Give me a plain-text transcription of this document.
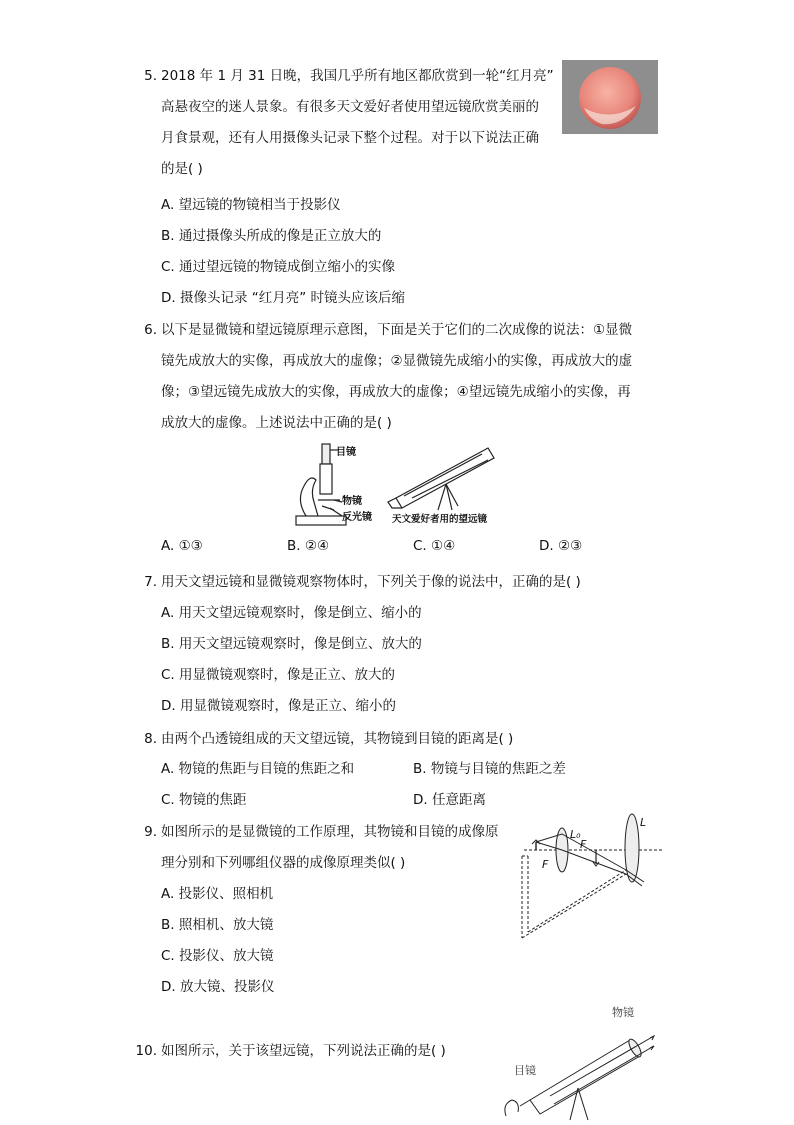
5. 2018 年 1 月 31 日晚，我国几乎所有地区都欣赏到一轮“红月亮”
高悬夜空的迷人景象。有很多天文爱好者使用望远镜欣赏美丽的
月食景观，还有人用摄像头记录下整个过程。对于以下说法正确
的是( )
A. 望远镜的物镜相当于投影仪
B. 通过摄像头所成的像是正立放大的
C. 通过望远镜的物镜成倒立缩小的实像
D. 摄像头记录 “红月亮” 时镜头应该后缩
6. 以下是显微镜和望远镜原理示意图，下面是关于它们的二次成像的说法：①显微
镜先成放大的实像，再成放大的虚像；②显微镜先成缩小的实像，再成放大的虚
像；③望远镜先成放大的实像，再成放大的虚像；④望远镜先成缩小的实像，再
成放大的虚像。上述说法中正确的是( )
目镜
物镜
反光镜 天文爱好者用的望远镜
A. ①③	B. ②④	C. ①④	D. ②③
7. 用天文望远镜和显微镜观察物体时，下列关于像的说法中，正确的是( )
A. 用天文望远镜观察时，像是倒立、缩小的
B. 用天文望远镜观察时，像是倒立、放大的
C. 用显微镜观察时，像是正立、放大的
D. 用显微镜观察时，像是正立、缩小的
8. 由两个凸透镜组成的天文望远镜，其物镜到目镜的距离是( )
A. 物镜的焦距与目镜的焦距之和	B. 物镜与目镜的焦距之差
C. 物镜的焦距	D. 任意距离
9. 如图所示的是显微镜的工作原理，其物镜和目镜的成像原
理分别和下列哪组仪器的成像原理类似( )
L₀
L
F
F
A. 投影仪、照相机
B. 照相机、放大镜
C. 投影仪、放大镜
D. 放大镜、投影仪
10. 如图所示，关于该望远镜，下列说法正确的是( )
物镜
目镜
